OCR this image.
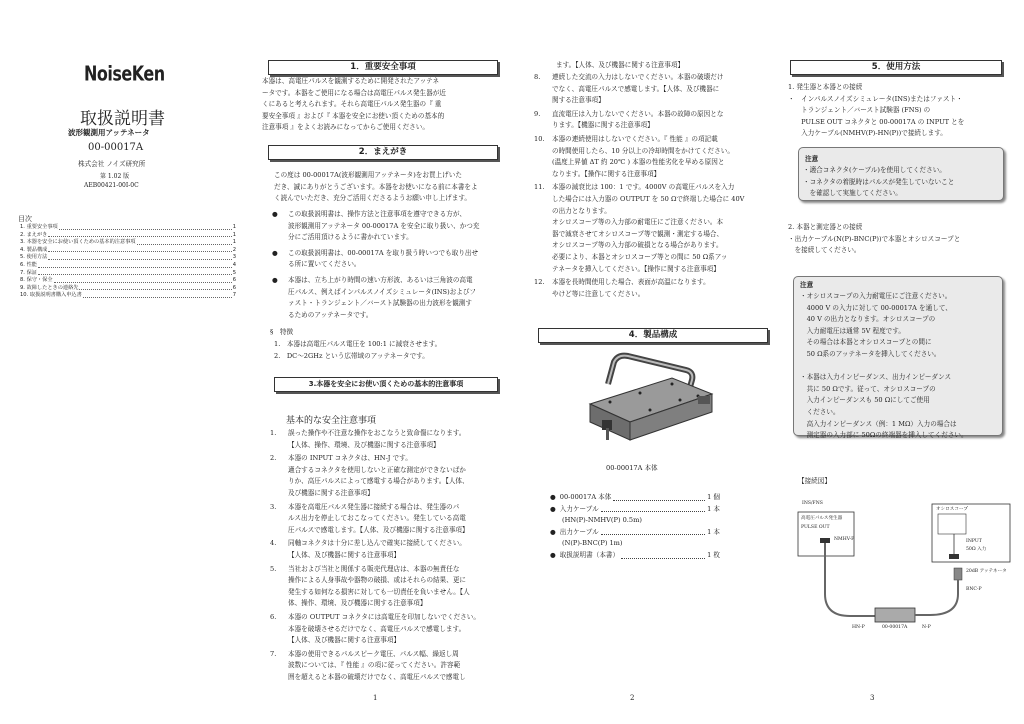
NoiseKen
取扱説明書
波形観測用アッテネータ
00-00017A
株式会社 ノイズ研究所
第 1.02 版
AEB00421-00I-0C
目次
1. 重要安全事項	1
2. まえがき	1
3. 本器を安全にお使い頂くための基本的注意事項	1
4. 製品構成	2
5. 使用方法	3
6. 性能	4
7. 保証	5
8. 保守・保全	6
9. 故障したときの連絡先	6
10. 取扱説明書購入申込書	7
1
1．重要安全事項
本器は、高電圧パルスを観測するために開発されたアッテネ
ータです。本器をご使用になる場合は高電圧パルス発生器が近
くにあると考えられます。それら高電圧パルス発生器の『 重
要安全事項 』および『 本器を安全にお使い頂くための基本的
注意事項 』をよくお読みになってからご使用ください。
2．まえがき
この度は 00-00017A(波形観測用アッテネータ)をお買上げいた
だき、誠にありがとうございます。本器をお使いになる前に本書をよ
く読んでいただき、充分ご活用くださるようお願い申し上げます。
● この取扱説明書は、操作方法と注意事項を遵守できる方が、
波形観測用アッテネータ 00-00017A を安全に取り扱い、かつ充
分にご活用頂けるように書かれています。
● この取扱説明書は、00-00017A を取り扱う時いつでも取り出せ
る所に置いてください。
● 本器は、立ち上がり時間の速い方形波、あるいは三角波の高電
圧パルス、例えばインパルスノイズシミュレータ(INS)およびフ
ァスト・トランジェント／バースト試験器の出力波形を観測す
るためのアッテネータです。
§　特徴
1.　本器は高電圧パルス電圧を 100:1 に減衰させます。
2.　DC～2GHz という広帯域のアッテネータです。
3.本器を安全にお使い頂くための基本的注意事項
基本的な安全注意事項
1. 誤った操作や不注意な操作をおこなうと致命傷になります。
【人体、操作、環境、及び機器に関する注意事項】
2. 本器の INPUT コネクタは、HN-J です。
適合するコネクタを使用しないと正確な測定ができないばか
りか、高圧パルスによって感電する場合があります。【人体、
及び機器に関する注意事項】
3. 本器を高電圧パルス発生器に接続する場合は、発生器のパ
ルス出力を停止しておこなってください。発生している高電
圧パルスで感電します。【人体、及び機器に関する注意事項】
4. 同軸コネクタは十分に差し込んで確実に接続してください。
【人体、及び機器に関する注意事項】
5. 当社および当社と関係する販売代理店は、本器の無責任な
操作による人身事故や器物の破損、或はそれらの結果、更に
発生する如何なる損害に対しても一切責任を負いません。【人
体、操作、環境、及び機器に関する注意事項】
6. 本器の OUTPUT コネクタには高電圧を印加しないでください。
本器を破壊させるだけでなく、高電圧パルスで感電します。
【人体、及び機器に関する注意事項】
7. 本器の使用できるパルスピーク電圧、パルス幅、繰返し周
波数については、『 性能 』の項に従ってください。許容範
囲を超えると本器の破壊だけでなく、高電圧パルスで感電し
2
ます。【人体、及び機器に関する注意事項】
8. 連続した交流の入力はしないでください。本器の破壊だけ
でなく、高電圧パルスで感電します。【人体、及び機器に
関する注意事項】
9. 直流電圧は入力しないでください。本器の故障の原因とな
ります。【機器に関する注意事項】
10. 本器の連続使用はしないでください。『 性能 』の項記載
の時間使用したら、10 分以上の冷却時間をかけてください。
(温度上昇値 ΔT 約 20℃ ) 本器の性能劣化を早める原因と
なります。【操作に関する注意事項】
11. 本器の減衰比は 100：1 です。4000V の高電圧パルスを入力
した場合には入力器の OUTPUT を 50 Ωで終端した場合に 40V
の出力となります。
オシロスコープ等の入力部の耐電圧にご注意ください。本
器で減衰させてオシロスコープ等で観測・測定する場合、
オシロスコープ等の入力部の破損となる場合があります。
必要により、本器とオシロスコープ等との間に 50 Ω系アッ
テネータを挿入してください。【操作に関する注意事項】
12. 本器を長時間使用した場合、表面が高温になります。
やけど等に注意してください。
4．製品構成
00-00017A 本体
● 00-00017A 本体	1 個
● 入力ケーブル	1 本
(HN(P)-NMHV(P) 0.5m)
● 出力ケーブル	1 本
(N(P)-BNC(P) 1m)
● 取扱説明書（本書）	1 枚
5．使用方法
1. 発生器と本器との接続
・　インパルスノイズシミュレータ(INS)またはファスト・
　　トランジェント／バースト試験器 (FNS) の
　　PULSE OUT コネクタと 00-00017A の INPUT とを
　　入力ケーブル(NMHV(P)-HN(P))で接続します。
注意
・適合コネクタ(ケーブル)を使用してください。
・コネクタの着脱時はパルスが発生していないこと
　を確認して実施してください。
2. 本器と測定器との接続
・出力ケーブル(N(P)-BNC(P))で本器とオシロスコープと
　を接続してください。
注意
・オシロスコープの入力耐電圧にご注意ください。
　4000 V の入力に対して 00-00017A を通して、
　40 V の出力となります。オシロスコープの
　入力耐電圧は通常 5V 程度です。
　その場合は本器とオシロスコープとの間に
　50 Ω系のアッテネータを挿入してください。

・本器は入力インピーダンス、出力インピーダンス
　共に 50 Ωです。従って、オシロスコープの
　入力インピーダンスも 50 Ωにしてご使用
　ください。
　高入力インピーダンス（例：1 MΩ）入力の場合は
　測定器の入力部に 50Ωの終端器を挿入してください。
【接続図】
INS/FNS
高電圧パルス発生器
PULSE OUT
NMHV-P
オシロスコープ
INPUT
50Ω 入力
20dB アッテネータ
BNC-P
HN-P	00-00017A	N-P
3
